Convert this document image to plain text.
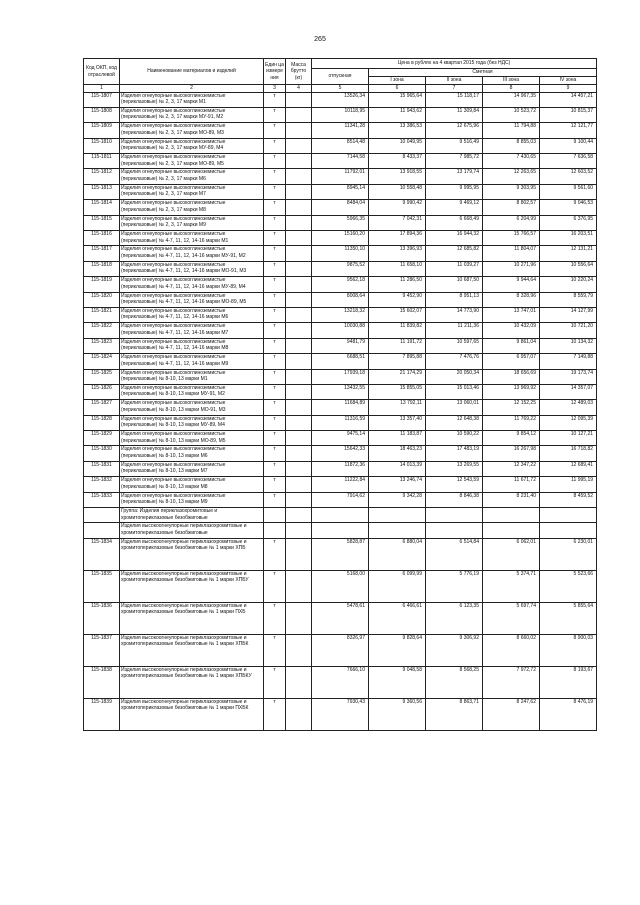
265
Код ОКП, код отраслевой	Наименование материалов и изделий	Един ца измере ния	Масса брутто (кг)	Цена в рублях на 4 квартал 2015 года (без НДС)				
				отпускная	Сметная			
					I зона	II зона	III зона	IV зона
1	2	3	4	5	6	7	8	9
115-1807	Изделия огнеупорные высокоглиноземистые (периклазовые) № 2, 3, 17 марки М1	т		13526,34	15 965,64	15 118,17	14 967,35	14 457,21
115-1808	Изделия огнеупорные высокоглиноземистые (периклазовые) № 2, 3, 17 марки МУ-91, М2	т		10118,95	11 943,62	11 309,84	10 523,72	10 815,37
115-1809	Изделия огнеупорные высокоглиноземистые (периклазовые) № 2, 3, 17 марки МО-89, М3	т		11341,28	13 386,53	12 675,96	11 794,88	12 121,77
115-1810	Изделия огнеупорные высокоглиноземистые (периклазовые) № 2, 3, 17 марки МУ-89, М4	т		8514,48	10 049,95	9 516,49	8 855,03	9 100,44
115-1811	Изделия огнеупорные высокоглиноземистые (периклазовые) № 2, 3, 17 марки МО-89, М5	т		7144,58	8 433,37	7 985,72	7 430,65	7 636,58
115-1812	Изделия огнеупорные высокоглиноземистые (периклазовые) № 2, 3, 17 марки М6	т		11792,01	13 918,55	13 179,74	12 263,65	12 603,52
115-1813	Изделия огнеупорные высокоглиноземистые (периклазовые) № 2, 3, 17 марки М7	т		8945,14	10 558,48	9 995,95	9 303,95	9 561,60
115-1814	Изделия огнеупорные высокоглиноземистые (периклазовые) № 2, 3, 17 марки М8	т		8484,04	9 990,42	9 469,12	8 802,57	9 046,53
115-1815	Изделия огнеупорные высокоглиноземистые (периклазовые) № 2, 3, 17 марки М9	т		5966,35	7 042,31	6 668,49	6 204,99	6 376,95
115-1816	Изделия огнеупорные высокоглиноземистые (периклазовые) № 4-7, 11, 12, 14-16 марки М1	т		15160,20	17 894,36	16 944,32	15 766,57	16 203,51
115-1817	Изделия огнеупорные высокоглиноземистые (периклазовые) № 4-7, 11, 12, 14-16 марки МУ-91, М2	т		11350,10	13 396,93	12 685,82	11 804,07	12 131,21
115-1818	Изделия огнеупорные высокоглиноземистые (периклазовые) № 4-7, 11, 12, 14-16 марки МО-91, М3	т		9875,52	11 658,10	11 039,27	10 271,96	10 556,64
115-1819	Изделия огнеупорные высокоглиноземистые (периклазовые) № 4-7, 11, 12, 14-16 марки МУ-89, М4	т		9562,18	11 286,50	10 687,50	9 944,64	10 220,24
115-1820	Изделия огнеупорные высокоглиноземистые (периклазовые) № 4-7, 11, 12, 14-16 марки МО-89, М5	т		8008,64	9 452,90	8 951,13	8 328,96	8 559,79
115-1821	Изделия огнеупорные высокоглиноземистые (периклазовые) № 4-7, 11, 12, 14-16 марки М6	т		13218,32	15 602,07	14 773,90	13 747,01	14 127,99
115-1822	Изделия огнеупорные высокоглиноземистые (периклазовые) № 4-7, 11, 12, 14-16 марки М7	т		10030,88	11 839,82	11 211,36	10 432,09	10 721,20
115-1823	Изделия огнеупорные высокоглиноземистые (периклазовые) № 4-7, 11, 12, 14-16 марки М8	т		9481,79	11 191,72	10 597,65	9 861,04	10 134,32
115-1824	Изделия огнеупорные высокоглиноземистые (периклазовые) № 4-7, 11, 12, 14-16 марки М9	т		6688,51	7 895,88	7 476,76	6 957,07	7 149,88
115-1825	Изделия огнеупорные высокоглиноземистые (периклазовые) № 8-10, 13 марки М1	т		17939,18	21 174,29	20 050,34	18 656,69	19 173,74
115-1826	Изделия огнеупорные высокоглиноземистые (периклазовые) № 8-10, 13 марки МУ-91, М2	т		13432,55	15 855,05	15 013,46	13 969,92	14 357,07
115-1827	Изделия огнеупорные высокоглиноземистые (периклазовые) № 8-10, 13 марки МО-91, М3	т		11684,89	13 792,11	13 060,01	12 152,25	12 489,03
115-1828	Изделия огнеупорные высокоглиноземистые (периклазовые) № 8-10, 13 марки МУ-89, М4	т		11316,59	13 357,40	12 648,38	11 769,22	12 095,39
115-1829	Изделия огнеупорные высокоглиноземистые (периклазовые) № 8-10, 13 марки МО-89, М5	т		9475,14	11 183,87	10 590,22	9 854,12	10 127,21
115-1830	Изделия огнеупорные высокоглиноземистые (периклазовые) № 8-10, 13 марки М6	т		15642,33	18 463,23	17 483,19	16 267,98	16 718,82
115-1831	Изделия огнеупорные высокоглиноземистые (периклазовые) № 8-10, 13 марки М7	т		11872,36	14 013,39	13 269,55	12 347,22	12 689,41
115-1832	Изделия огнеупорные высокоглиноземистые (периклазовые) № 8-10, 13 марки М8	т		11222,84	13 246,74	12 543,59	11 671,72	11 995,19
115-1833	Изделия огнеупорные высокоглиноземистые (периклазовые) № 8-10, 13 марки М9	т		7914,62	9 342,28	8 846,38	8 231,40	8 459,52
	Группа: Изделия периклазохромитовые и хромитопериклазовые безобжиговые							
	Изделия высокоогнеупорные периклазохромитовые и хромитопериклазовые безобжиговые							
115-1834	Изделия высокоогнеупорные периклазохромитовые и хромитопериклазовые безобжиговые № 1 марки ХПБ	т		5828,87	6 880,04	6 514,84	6 062,01	6 230,01
115-1835	Изделия высокоогнеупорные периклазохромитовые и хромитопериклазовые безобжиговые № 1 марки ХПБУ	т		5168,00	6 099,99	5 776,19	5 374,71	5 523,66
115-1836	Изделия высокоогнеупорные периклазохромитовые и хромитопериклазовые безобжиговые № 1 марки ПХБ	т		5478,61	6 466,61	6 123,35	5 697,74	5 855,64
115-1837	Изделия высокоогнеупорные периклазохромитовые и хромитопериклазовые безобжиговые № 1 марки ХПБК	т		8326,97	9 828,64	9 306,92	8 660,02	8 900,03
115-1838	Изделия высокоогнеупорные периклазохромитовые и хромитопериклазовые безобжиговые № 1 марки ХПБКУ	т		7666,10	9 048,58	8 568,25	7 972,72	8 193,67
115-1839	Изделия высокоогнеупорные периклазохромитовые и хромитопериклазовые безобжиговые № 1 марки ПХБК	т		7930,43	9 360,56	8 863,71	8 247,62	8 476,19
